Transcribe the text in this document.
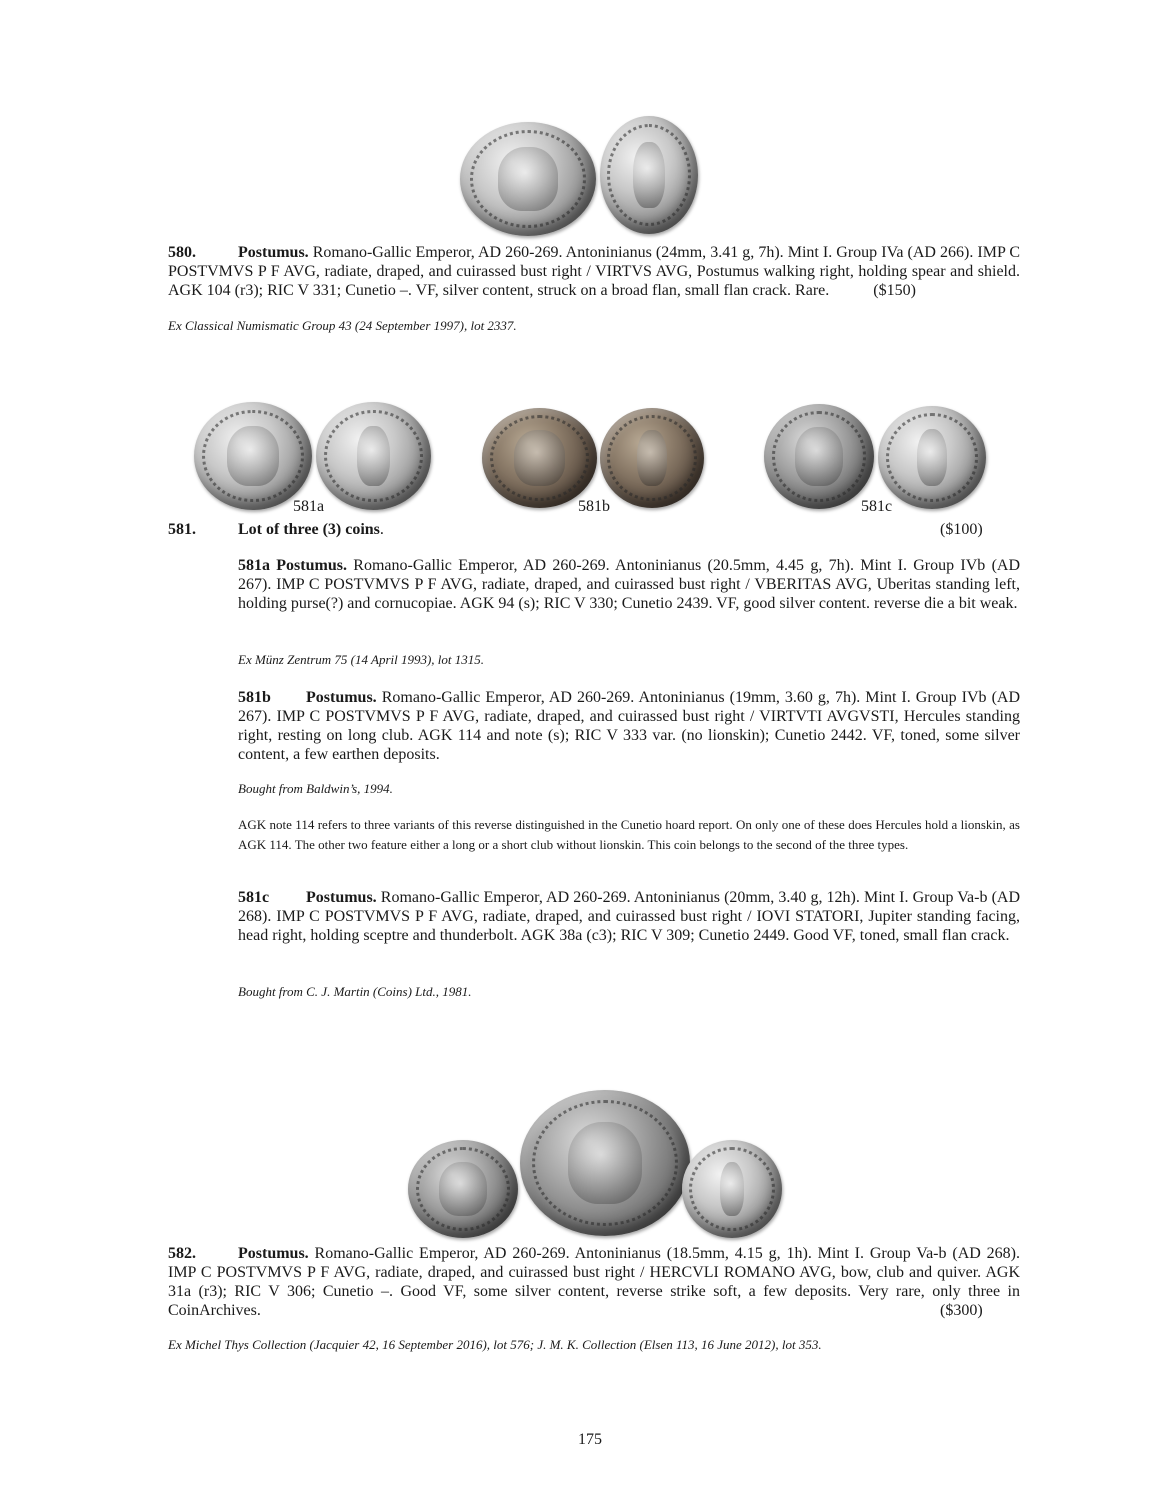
580.	Postumus. Romano-Gallic Emperor, AD 260-269. Antoninianus (24mm, 3.41 g, 7h). Mint I. Group IVa (AD 266). IMP C POSTVMVS P F AVG, radiate, draped, and cuirassed bust right / VIRTVS AVG, Postumus walking right, holding spear and shield. AGK 104 (r3); RIC V 331; Cunetio –. VF, silver content, struck on a broad flan, small flan crack. Rare.	($150)
Ex Classical Numismatic Group 43 (24 September 1997), lot 2337.
581a	581b	581c
581.	Lot of three (3) coins.	($100)
581a Postumus. Romano-Gallic Emperor, AD 260-269. Antoninianus (20.5mm, 4.45 g, 7h). Mint I. Group IVb (AD 267). IMP C POSTVMVS P F AVG, radiate, draped, and cuirassed bust right / VBERITAS AVG, Uberitas standing left, holding purse(?) and cornucopiae. AGK 94 (s); RIC V 330; Cunetio 2439. VF, good silver content. reverse die a bit weak.
Ex Münz Zentrum 75 (14 April 1993), lot 1315.
581b Postumus. Romano-Gallic Emperor, AD 260-269. Antoninianus (19mm, 3.60 g, 7h). Mint I. Group IVb (AD 267). IMP C POSTVMVS P F AVG, radiate, draped, and cuirassed bust right / VIRTVTI AVGVSTI, Hercules standing right, resting on long club. AGK 114 and note (s); RIC V 333 var. (no lionskin); Cunetio 2442. VF, toned, some silver content, a few earthen deposits.
Bought from Baldwin’s, 1994.
AGK note 114 refers to three variants of this reverse distinguished in the Cunetio hoard report. On only one of these does Hercules hold a lionskin, as AGK 114. The other two feature either a long or a short club without lionskin. This coin belongs to the second of the three types.
581c Postumus. Romano-Gallic Emperor, AD 260-269. Antoninianus (20mm, 3.40 g, 12h). Mint I. Group Va-b (AD 268). IMP C POSTVMVS P F AVG, radiate, draped, and cuirassed bust right / IOVI STATORI, Jupiter standing facing, head right, holding sceptre and thunderbolt. AGK 38a (c3); RIC V 309; Cunetio 2449. Good VF, toned, small flan crack.
Bought from C. J. Martin (Coins) Ltd., 1981.
582.	Postumus. Romano-Gallic Emperor, AD 260-269. Antoninianus (18.5mm, 4.15 g, 1h). Mint I. Group Va-b (AD 268). IMP C POSTVMVS P F AVG, radiate, draped, and cuirassed bust right / HERCVLI ROMANO AVG, bow, club and quiver. AGK 31a (r3); RIC V 306; Cunetio –. Good VF, some silver content, reverse strike soft, a few deposits. Very rare, only three in CoinArchives.	($300)
Ex Michel Thys Collection (Jacquier 42, 16 September 2016), lot 576; J. M. K. Collection (Elsen 113, 16 June 2012), lot 353.
175
